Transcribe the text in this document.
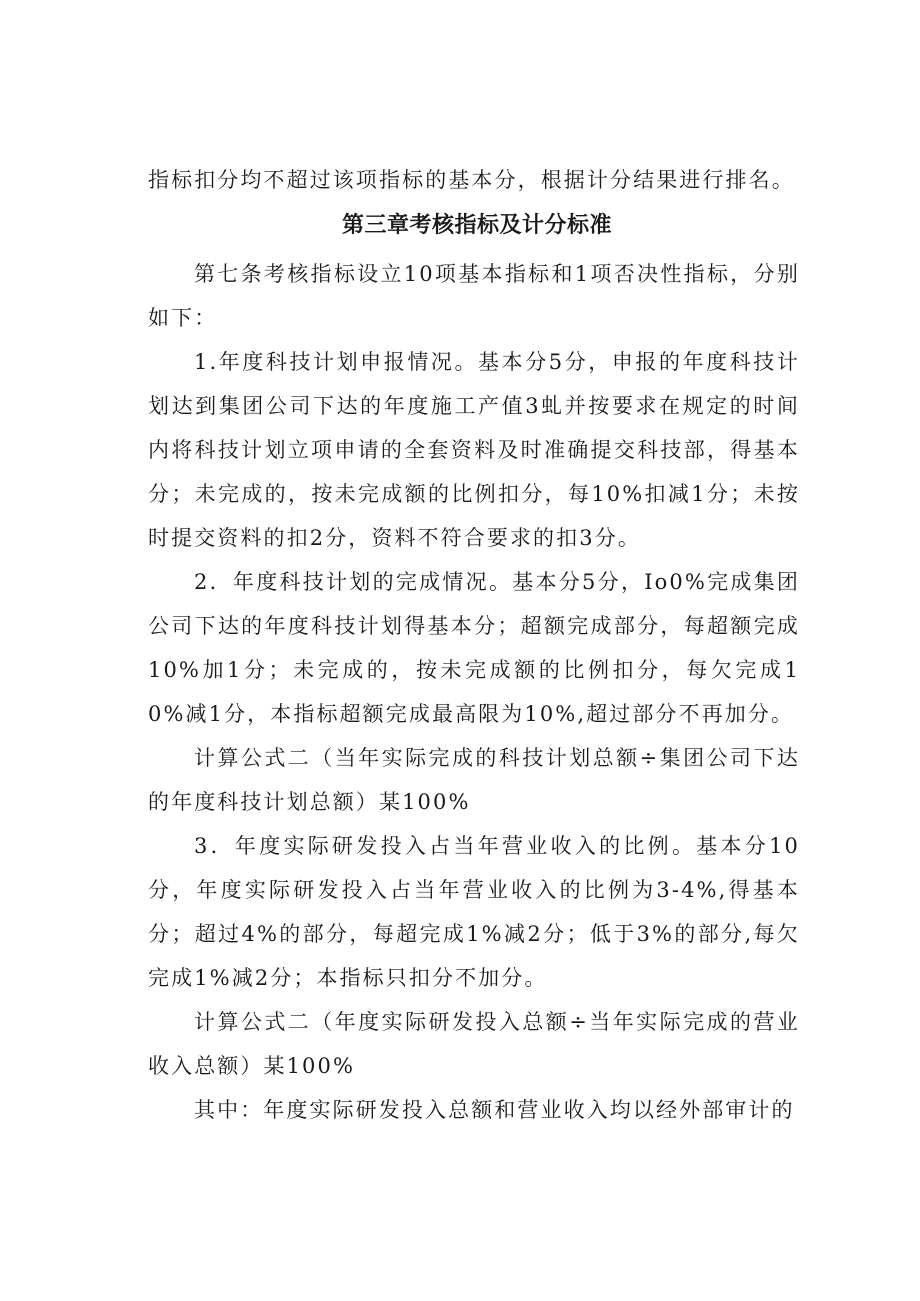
指标扣分均不超过该项指标的基本分，根据计分结果进行排名。

第三章考核指标及计分标准

第七条考核指标设立10项基本指标和1项否决性指标，分别如下：

1.年度科技计划申报情况。基本分5分，申报的年度科技计划达到集团公司下达的年度施工产值3虬并按要求在规定的时间内将科技计划立项申请的全套资料及时准确提交科技部，得基本分；未完成的，按未完成额的比例扣分，每10%扣减1分；未按时提交资料的扣2分，资料不符合要求的扣3分。

2．年度科技计划的完成情况。基本分5分，Io0%完成集团公司下达的年度科技计划得基本分；超额完成部分，每超额完成10%加1分；未完成的，按未完成额的比例扣分，每欠完成10%减1分，本指标超额完成最高限为10%,超过部分不再加分。

计算公式二（当年实际完成的科技计划总额÷集团公司下达的年度科技计划总额）某100%

3．年度实际研发投入占当年营业收入的比例。基本分10分，年度实际研发投入占当年营业收入的比例为3-4%,得基本分；超过4%的部分，每超完成1%减2分；低于3%的部分,每欠完成1%减2分；本指标只扣分不加分。

计算公式二（年度实际研发投入总额÷当年实际完成的营业收入总额）某100%

其中：年度实际研发投入总额和营业收入均以经外部审计的
